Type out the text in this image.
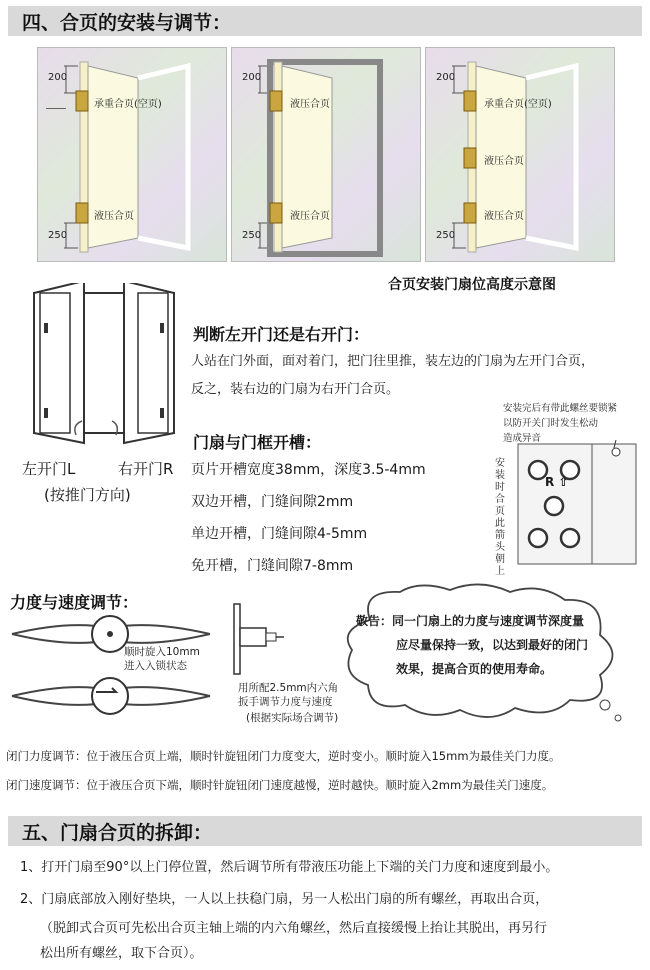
四、合页的安装与调节：
200
250
承重合页(空页)
液压合页
200
250
液压合页
液压合页
200
250
承重合页(空页)
液压合页
液压合页
合页安装门扇位高度示意图
左开门L	右开门R
(按推门方向)
判断左开门还是右开门：
人站在门外面，面对着门，把门往里推，装左边的门扇为左开门合页，
反之，装右边的门扇为右开门合页。
门扇与门框开槽：
页片开槽宽度38mm，深度3.5-4mm
双边开槽，门缝间隙2mm
单边开槽，门缝间隙4-5mm
免开槽，门缝间隙7-8mm
安装完后有带此螺丝要锁紧
以防开关门时发生松动
造成异音
R ⇧
安装时合页此箭头朝上
力度与速度调节：
顺时旋入10mm
进入入锁状态
用所配2.5mm内六角
扳手调节力度与速度
(根据实际场合调节)
敬告：同一门扇上的力度与速度调节深度量
应尽量保持一致，以达到最好的闭门
效果，提高合页的使用寿命。
闭门力度调节：位于液压合页上端，顺时针旋钮闭门力度变大，逆时变小。顺时旋入15mm为最佳关门力度。
闭门速度调节：位于液压合页下端，顺时针旋钮闭门速度越慢，逆时越快。顺时旋入2mm为最佳关门速度。
五、门扇合页的拆卸：
1、打开门扇至90°以上门停位置，然后调节所有带液压功能上下端的关门力度和速度到最小。
2、门扇底部放入刚好垫块，一人以上扶稳门扇，另一人松出门扇的所有螺丝，再取出合页，
（脱卸式合页可先松出合页主轴上端的内六角螺丝，然后直接缓慢上抬让其脱出，再另行
松出所有螺丝，取下合页）。
